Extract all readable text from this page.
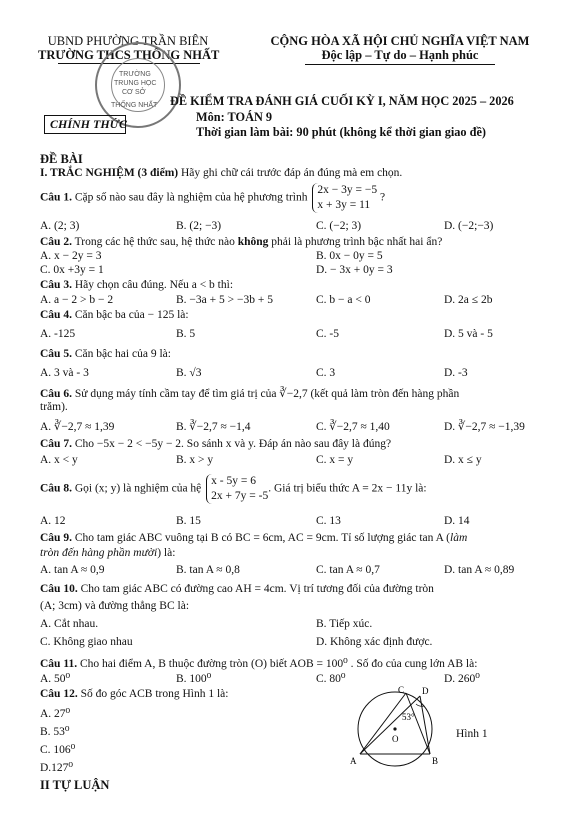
UBND PHƯỜNG TRẦN BIÊN
TRƯỜNG THCS THỐNG NHẤT
CỘNG HÒA XÃ HỘI CHỦ NGHĨA VIỆT NAM
Độc lập – Tự do – Hạnh phúc
TRƯỜNG
TRUNG HỌC
CƠ SỞ
THỐNG NHẤT
CHÍNH THỨC
ĐỀ KIỂM TRA ĐÁNH GIÁ CUỐI KỲ I, NĂM HỌC 2025 – 2026
Môn: TOÁN 9
Thời gian làm bài: 90 phút (không kể thời gian giao đề)
ĐỀ BÀI
I. TRẮC NGHIỆM (3 điểm) Hãy ghi chữ cái trước đáp án đúng mà em chọn.
Câu 1. Cặp số nào sau đây là nghiệm của hệ phương trình
2x − 3y = −5
x + 3y = 11
?
A. (2; 3)	B. (2; −3)	C. (−2; 3)	D. (−2;−3)
Câu 2. Trong các hệ thức sau, hệ thức nào không phải là phương trình bậc nhất hai ẩn?
A. x − 2y = 3	B. 0x − 0y = 5
C. 0x +3y = 1	D. − 3x + 0y = 3
Câu 3. Hãy chọn câu đúng. Nếu a < b thì:
A. a − 2 > b − 2	B. −3a + 5 > −3b + 5	C. b − a < 0	D. 2a ≤ 2b
Câu 4. Căn bậc ba của − 125 là:
A. -125	B. 5	C. -5	D. 5 và - 5
Câu 5. Căn bậc hai của 9 là:
A. 3 và - 3	B. √3	C. 3	D. -3
Câu 6. Sử dụng máy tính cầm tay để tìm giá trị của ∛−2,7 (kết quả làm tròn đến hàng phần
trăm).
A. ∛−2,7 ≈ 1,39	B. ∛−2,7 ≈ −1,4	C. ∛−2,7 ≈ 1,40	D. ∛−2,7 ≈ −1,39
Câu 7. Cho −5x − 2 < −5y − 2. So sánh x và y. Đáp án nào sau đây là đúng?
A. x < y	B. x > y	C. x = y	D. x ≤ y
Câu 8. Gọi (x; y) là nghiệm của hệ
x - 5y = 6
2x + 7y = -5
. Giá trị biểu thức A = 2x − 11y là:
A. 12	B. 15	C. 13	D. 14
Câu 9. Cho tam giác ABC vuông tại B có BC = 6cm, AC = 9cm. Tỉ số lượng giác tan A (làm
tròn đến hàng phần mười) là:
A. tan A ≈ 0,9	B. tan A ≈ 0,8	C. tan A ≈ 0,7	D. tan A ≈ 0,89
Câu 10. Cho tam giác ABC có đường cao AH = 4cm. Vị trí tương đối của đường tròn
(A; 3cm) và đường thẳng BC là:
A. Cắt nhau.	B. Tiếp xúc.
C. Không giao nhau	D. Không xác định được.
Câu 11. Cho hai điểm A, B thuộc đường tròn (O) biết AOB = 100⁰ . Số đo của cung lớn AB là:
A. 50⁰	B. 100⁰	C. 80⁰	D. 260⁰
Câu 12. Số đo góc ACB trong Hình 1 là:
A. 27⁰
B. 53⁰
C. 106⁰
D.127⁰
53°
O
A	B
C D
Hình 1
II TỰ LUẬN
